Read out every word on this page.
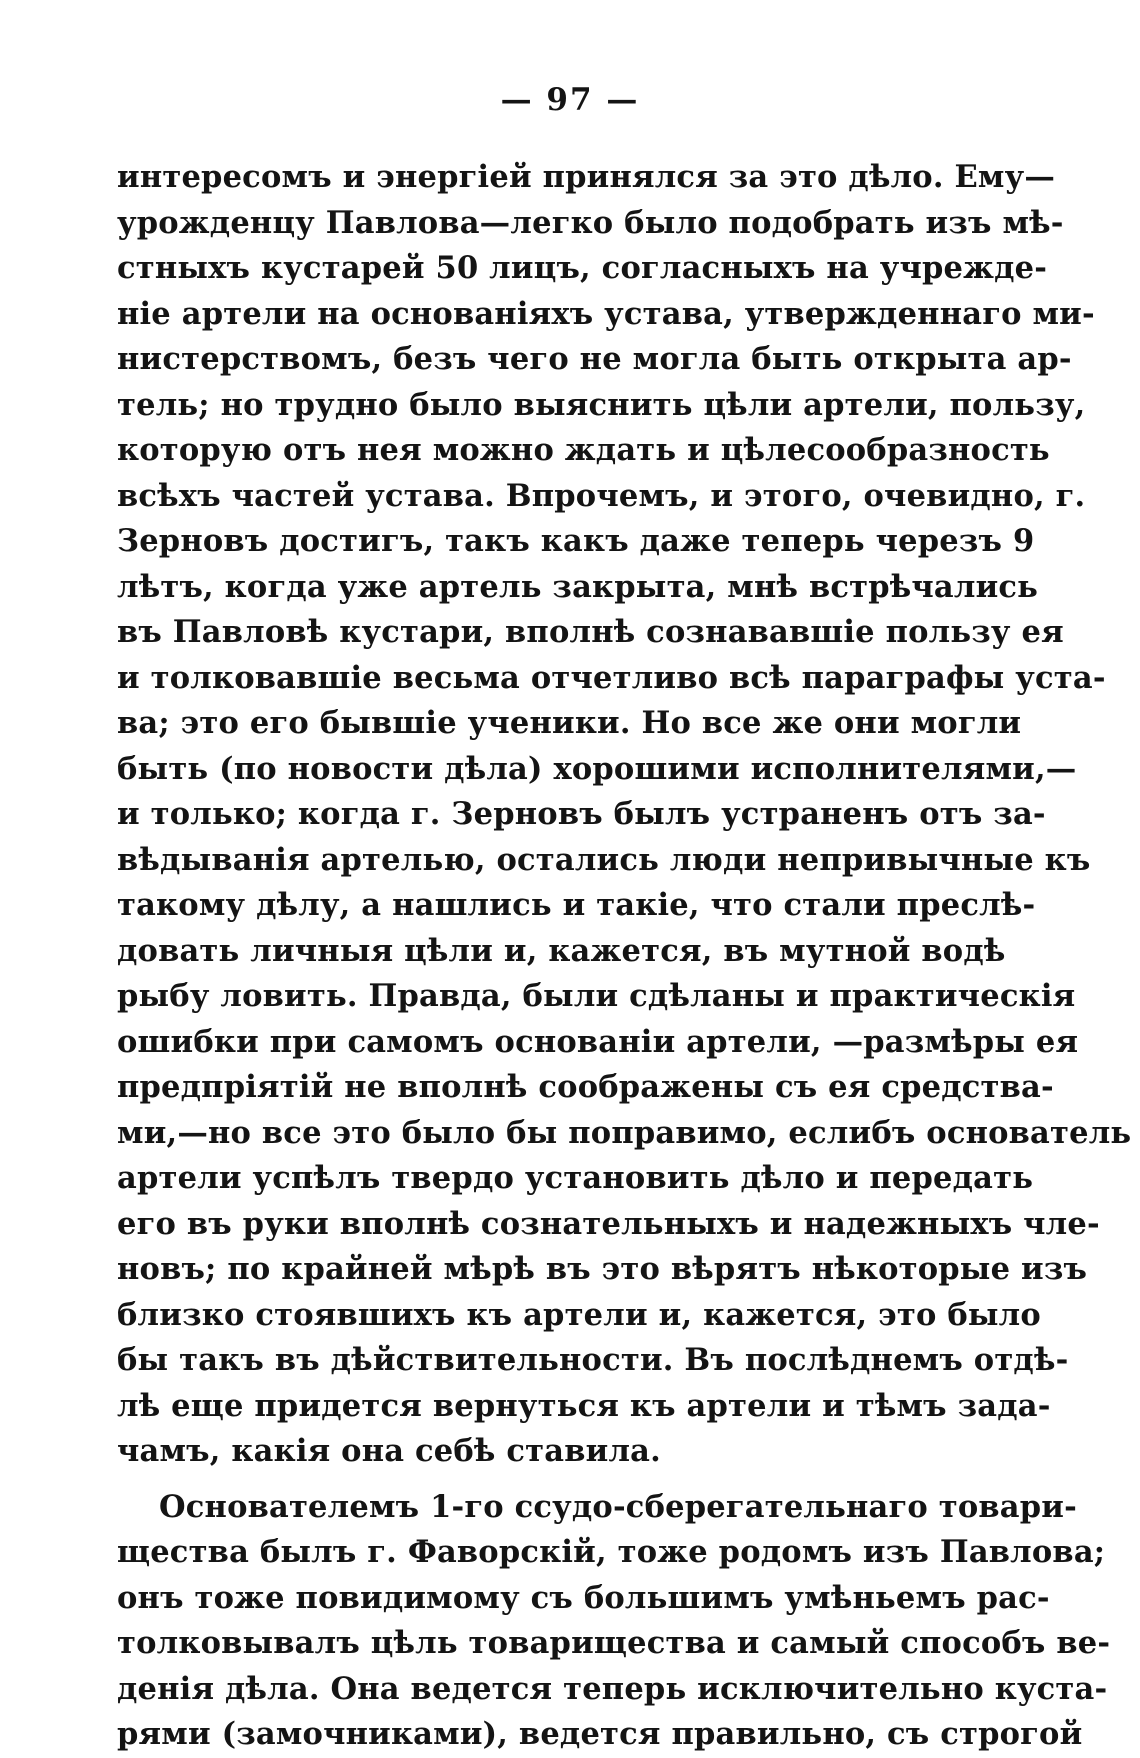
— 97 —
интересомъ и энергіей принялся за это дѣло. Ему—
урожденцу Павлова—легко было подобрать изъ мѣ-
стныхъ кустарей 50 лицъ, согласныхъ на учрежде-
ніе артели на основаніяхъ устава, утвержденнаго ми-
нистерствомъ, безъ чего не могла быть открыта ар-
тель; но трудно было выяснить цѣли артели, пользу,
которую отъ нея можно ждать и цѣлесообразность
всѣхъ частей устава. Впрочемъ, и этого, очевидно, г.
Зерновъ достигъ, такъ какъ даже теперь черезъ 9
лѣтъ, когда уже артель закрыта, мнѣ встрѣчались
въ Павловѣ кустари, вполнѣ сознававшіе пользу ея
и толковавшіе весьма отчетливо всѣ параграфы уста-
ва; это его бывшіе ученики. Но все же они могли
быть (по новости дѣла) хорошими исполнителями,—
и только; когда г. Зерновъ былъ устраненъ отъ за-
вѣдыванія артелью, остались люди непривычные къ
такому дѣлу, а нашлись и такіе, что стали преслѣ-
довать личныя цѣли и, кажется, въ мутной водѣ
рыбу ловить. Правда, были сдѣланы и практическія
ошибки при самомъ основаніи артели, —размѣры ея
предпріятій не вполнѣ соображены съ ея средства-
ми,—но все это было бы поправимо, еслибъ основатель
артели успѣлъ твердо установить дѣло и передать
его въ руки вполнѣ сознательныхъ и надежныхъ чле-
новъ; по крайней мѣрѣ въ это вѣрятъ нѣкоторые изъ
близко стоявшихъ къ артели и, кажется, это было
бы такъ въ дѣйствительности. Въ послѣднемъ отдѣ-
лѣ еще придется вернуться къ артели и тѣмъ зада-
чамъ, какія она себѣ ставила.
Основателемъ 1-го ссудо-сберегательнаго товари-
щества былъ г. Фаворскій, тоже родомъ изъ Павлова;
онъ тоже повидимому съ большимъ умѣньемъ рас-
толковывалъ цѣль товарищества и самый способъ ве-
денія дѣла. Она ведется теперь исключительно куста-
рями (замочниками), ведется правильно, съ строгой
